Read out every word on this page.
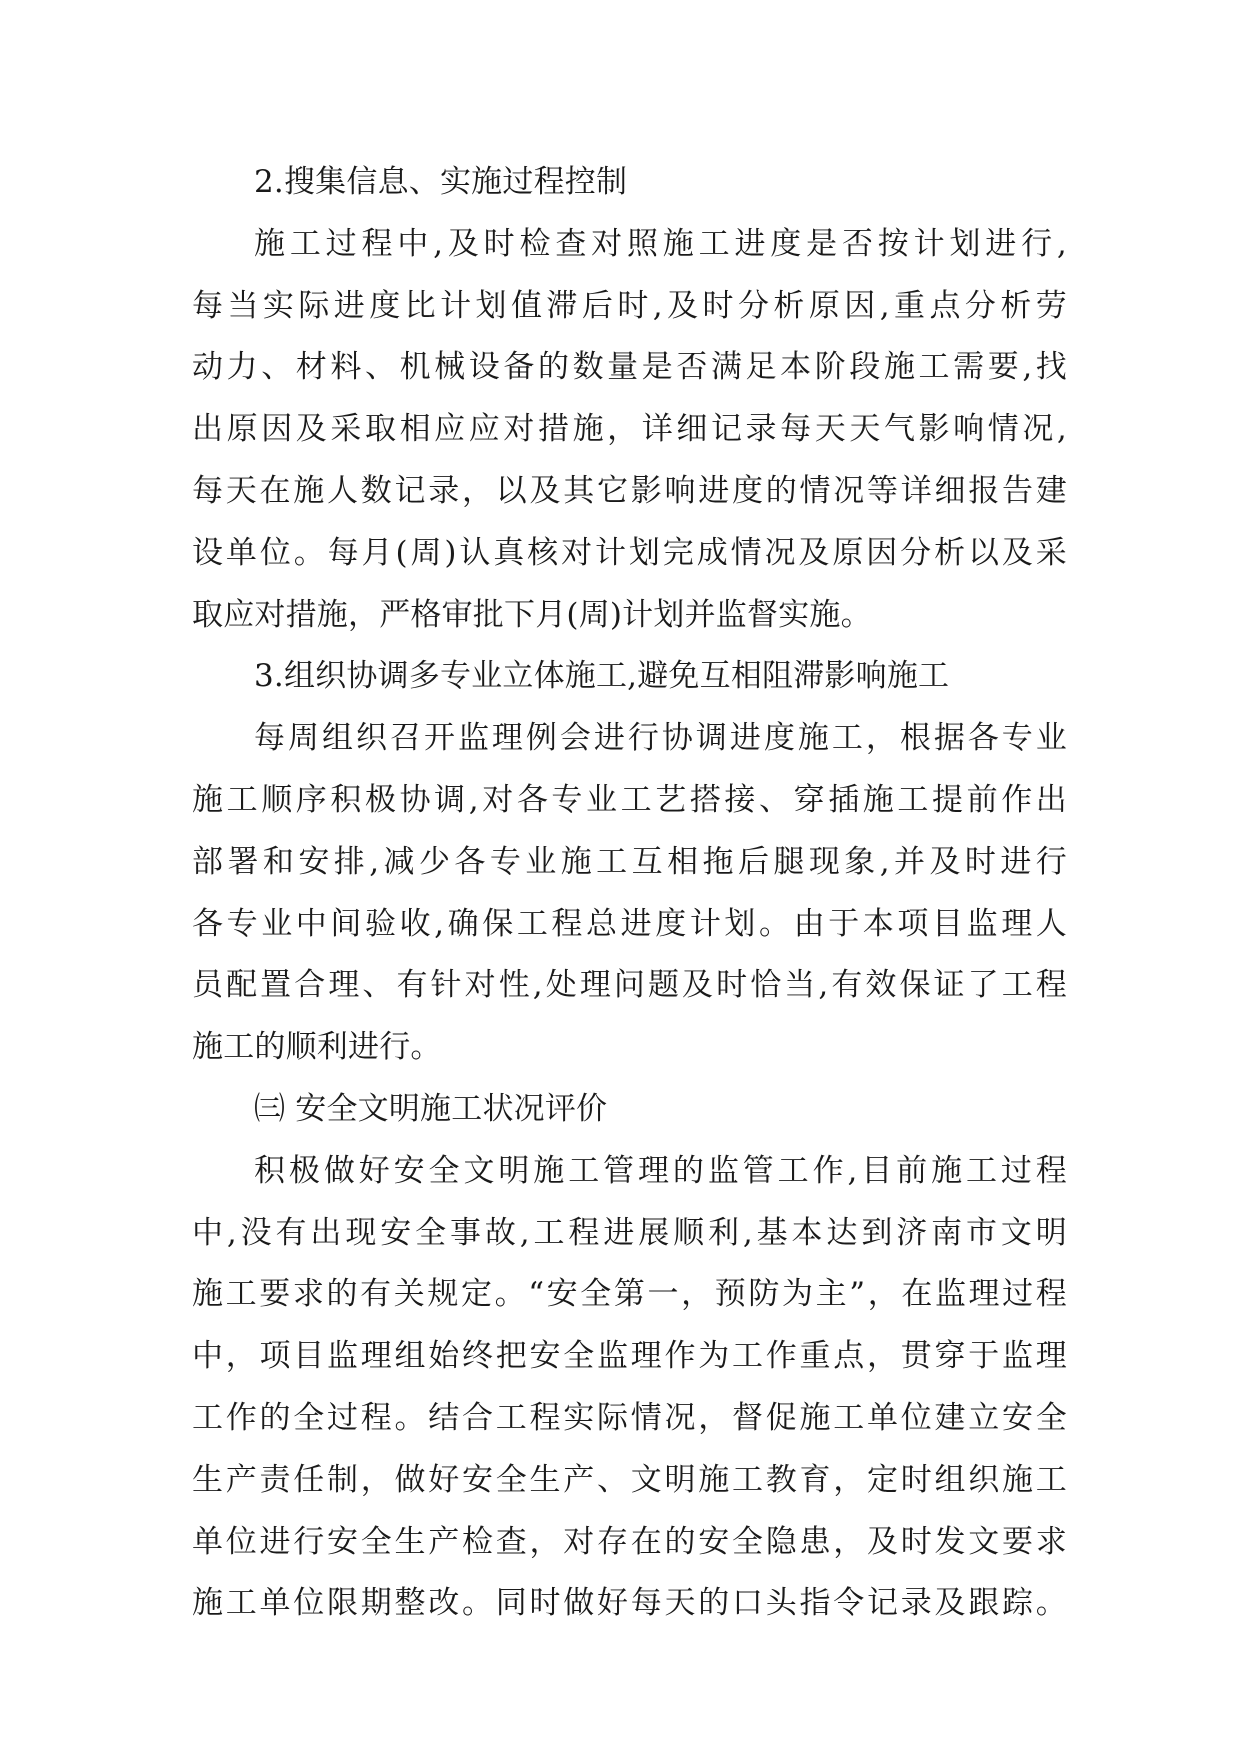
2.搜集信息、实施过程控制
施工过程中,及时检查对照施工进度是否按计划进行,
每当实际进度比计划值滞后时,及时分析原因,重点分析劳
动力、材料、机械设备的数量是否满足本阶段施工需要,找
出原因及采取相应应对措施，详细记录每天天气影响情况,
每天在施人数记录，以及其它影响进度的情况等详细报告建
设单位。每月(周)认真核对计划完成情况及原因分析以及采
取应对措施，严格审批下月(周)计划并监督实施。
3.组织协调多专业立体施工,避免互相阻滞影响施工
每周组织召开监理例会进行协调进度施工，根据各专业
施工顺序积极协调,对各专业工艺搭接、穿插施工提前作出
部署和安排,减少各专业施工互相拖后腿现象,并及时进行
各专业中间验收,确保工程总进度计划。由于本项目监理人
员配置合理、有针对性,处理问题及时恰当,有效保证了工程
施工的顺利进行。
㈢ 安全文明施工状况评价
积极做好安全文明施工管理的监管工作,目前施工过程
中,没有出现安全事故,工程进展顺利,基本达到济南市文明
施工要求的有关规定。“安全第一，预防为主”，在监理过程
中，项目监理组始终把安全监理作为工作重点，贯穿于监理
工作的全过程。结合工程实际情况，督促施工单位建立安全
生产责任制，做好安全生产、文明施工教育，定时组织施工
单位进行安全生产检查，对存在的安全隐患，及时发文要求
施工单位限期整改。同时做好每天的口头指令记录及跟踪。
